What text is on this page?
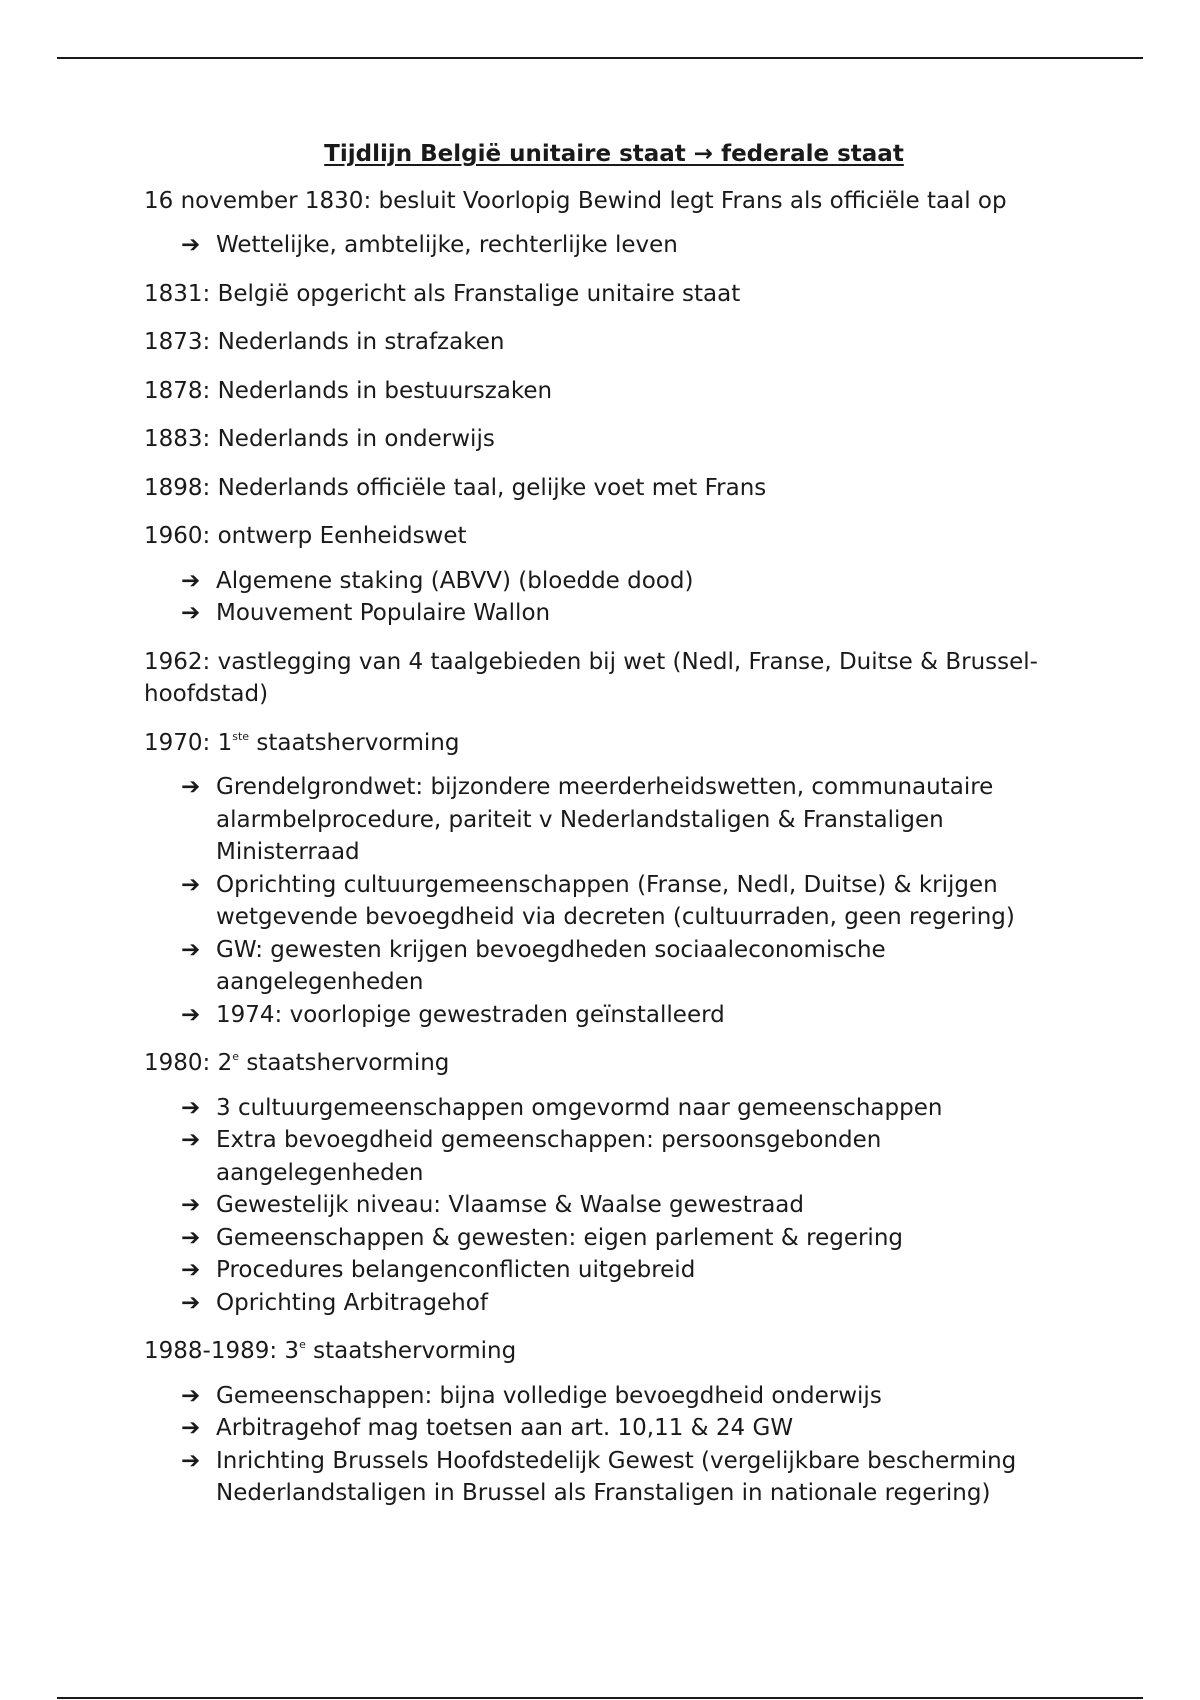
Tijdlijn België unitaire staat → federale staat
16 november 1830: besluit Voorlopig Bewind legt Frans als officiële taal op
➔ Wettelijke, ambtelijke, rechterlijke leven
1831: België opgericht als Franstalige unitaire staat
1873: Nederlands in strafzaken
1878: Nederlands in bestuurszaken
1883: Nederlands in onderwijs
1898: Nederlands officiële taal, gelijke voet met Frans
1960: ontwerp Eenheidswet
➔ Algemene staking (ABVV) (bloedde dood)
➔ Mouvement Populaire Wallon
1962: vastlegging van 4 taalgebieden bij wet (Nedl, Franse, Duitse & Brussel-hoofdstad)
1970: 1ste staatshervorming
➔ Grendelgrondwet: bijzondere meerderheidswetten, communautaire alarmbelprocedure, pariteit v Nederlandstaligen & Franstaligen Ministerraad
➔ Oprichting cultuurgemeenschappen (Franse, Nedl, Duitse) & krijgen wetgevende bevoegdheid via decreten (cultuurraden, geen regering)
➔ GW: gewesten krijgen bevoegdheden sociaaleconomische aangelegenheden
➔ 1974: voorlopige gewestraden geïnstalleerd
1980: 2e staatshervorming
➔ 3 cultuurgemeenschappen omgevormd naar gemeenschappen
➔ Extra bevoegdheid gemeenschappen: persoonsgebonden aangelegenheden
➔ Gewestelijk niveau: Vlaamse & Waalse gewestraad
➔ Gemeenschappen & gewesten: eigen parlement & regering
➔ Procedures belangenconflicten uitgebreid
➔ Oprichting Arbitragehof
1988-1989: 3e staatshervorming
➔ Gemeenschappen: bijna volledige bevoegdheid onderwijs
➔ Arbitragehof mag toetsen aan art. 10,11 & 24 GW
➔ Inrichting Brussels Hoofdstedelijk Gewest (vergelijkbare bescherming Nederlandstaligen in Brussel als Franstaligen in nationale regering)
